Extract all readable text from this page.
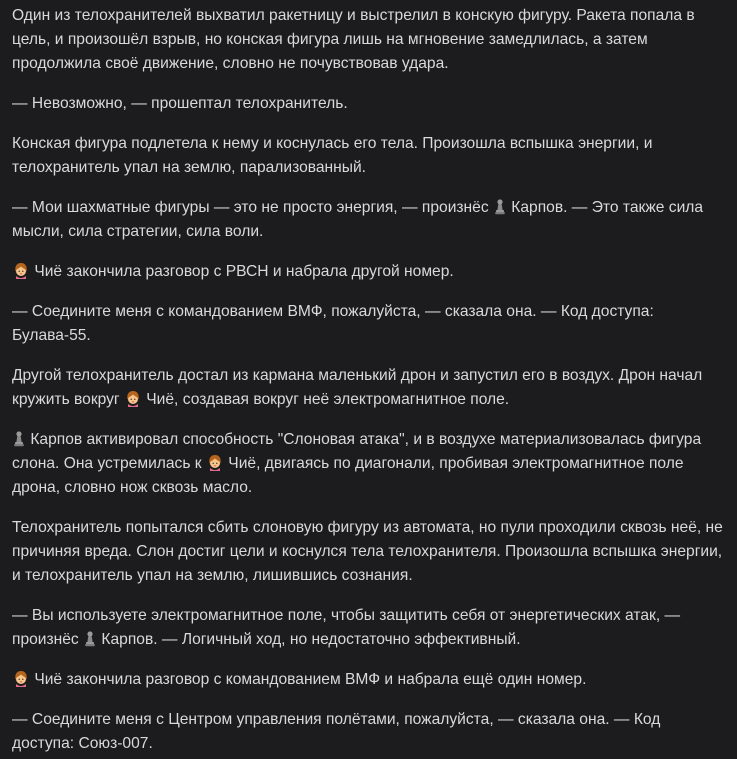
Один из телохранителей выхватил ракетницу и выстрелил в конскую фигуру. Ракета попала в цель, и произошёл взрыв, но конская фигура лишь на мгновение замедлилась, а затем продолжила своё движение, словно не почувствовав удара.

— Невозможно, — прошептал телохранитель.

Конская фигура подлетела к нему и коснулась его тела. Произошла вспышка энергии, и телохранитель упал на землю, парализованный.

— Мои шахматные фигуры — это не просто энергия, — произнёс  Карпов. — Это также сила мысли, сила стратегии, сила воли.

Чиё закончила разговор с РВСН и набрала другой номер.

— Соедините меня с командованием ВМФ, пожалуйста, — сказала она. — Код доступа: Булава-55.

Другой телохранитель достал из кармана маленький дрон и запустил его в воздух. Дрон начал кружить вокруг  Чиё, создавая вокруг неё электромагнитное поле.

Карпов активировал способность "Слоновая атака", и в воздухе материализовалась фигура слона. Она устремилась к  Чиё, двигаясь по диагонали, пробивая электромагнитное поле дрона, словно нож сквозь масло.

Телохранитель попытался сбить слоновую фигуру из автомата, но пули проходили сквозь неё, не причиняя вреда. Слон достиг цели и коснулся тела телохранителя. Произошла вспышка энергии, и телохранитель упал на землю, лишившись сознания.

— Вы используете электромагнитное поле, чтобы защитить себя от энергетических атак, — произнёс  Карпов. — Логичный ход, но недостаточно эффективный.

Чиё закончила разговор с командованием ВМФ и набрала ещё один номер.

— Соедините меня с Центром управления полётами, пожалуйста, — сказала она. — Код доступа: Союз-007.
